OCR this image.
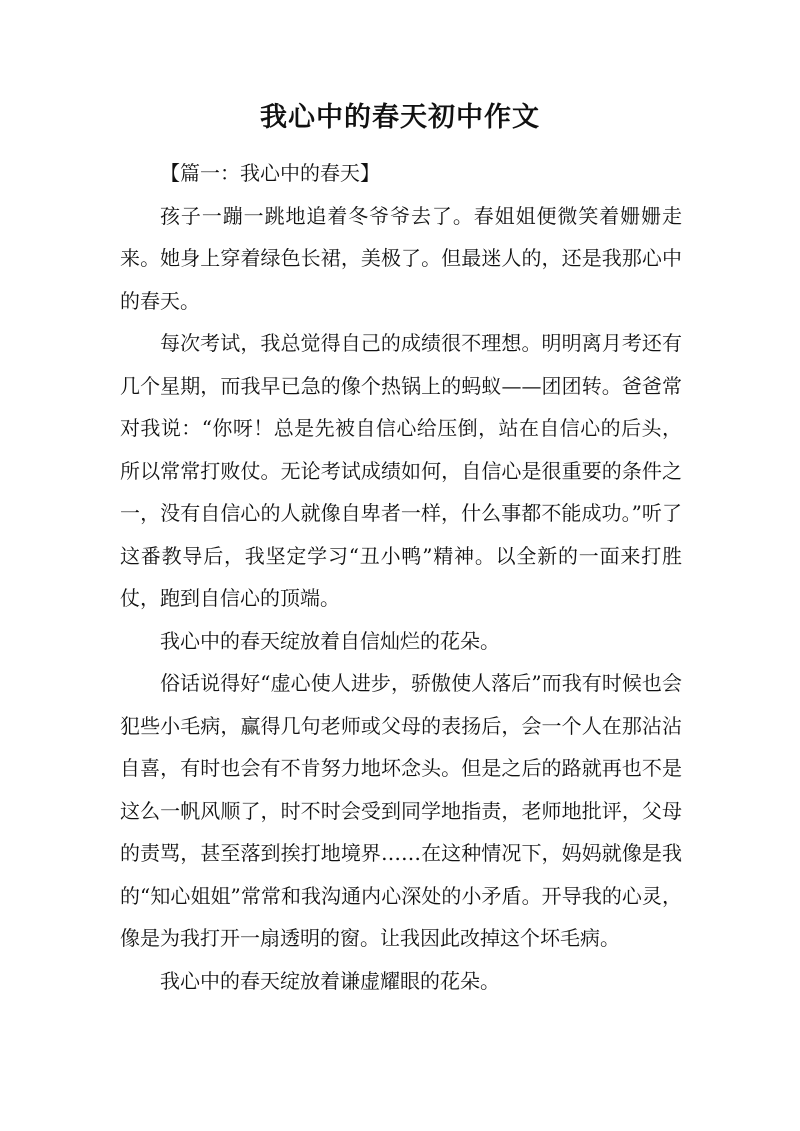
我心中的春天初中作文

【篇一：我心中的春天】

孩子一蹦一跳地追着冬爷爷去了。春姐姐便微笑着姗姗走来。她身上穿着绿色长裙，美极了。但最迷人的，还是我那心中的春天。

每次考试，我总觉得自己的成绩很不理想。明明离月考还有几个星期，而我早已急的像个热锅上的蚂蚁——团团转。爸爸常对我说：“你呀！总是先被自信心给压倒，站在自信心的后头，所以常常打败仗。无论考试成绩如何，自信心是很重要的条件之一，没有自信心的人就像自卑者一样，什么事都不能成功。”听了这番教导后，我坚定学习“丑小鸭”精神。以全新的一面来打胜仗，跑到自信心的顶端。

我心中的春天绽放着自信灿烂的花朵。

俗话说得好“虚心使人进步，骄傲使人落后”而我有时候也会犯些小毛病，赢得几句老师或父母的表扬后，会一个人在那沾沾自喜，有时也会有不肯努力地坏念头。但是之后的路就再也不是这么一帆风顺了，时不时会受到同学地指责，老师地批评，父母的责骂，甚至落到挨打地境界……在这种情况下，妈妈就像是我的“知心姐姐”常常和我沟通内心深处的小矛盾。开导我的心灵，像是为我打开一扇透明的窗。让我因此改掉这个坏毛病。

我心中的春天绽放着谦虚耀眼的花朵。
